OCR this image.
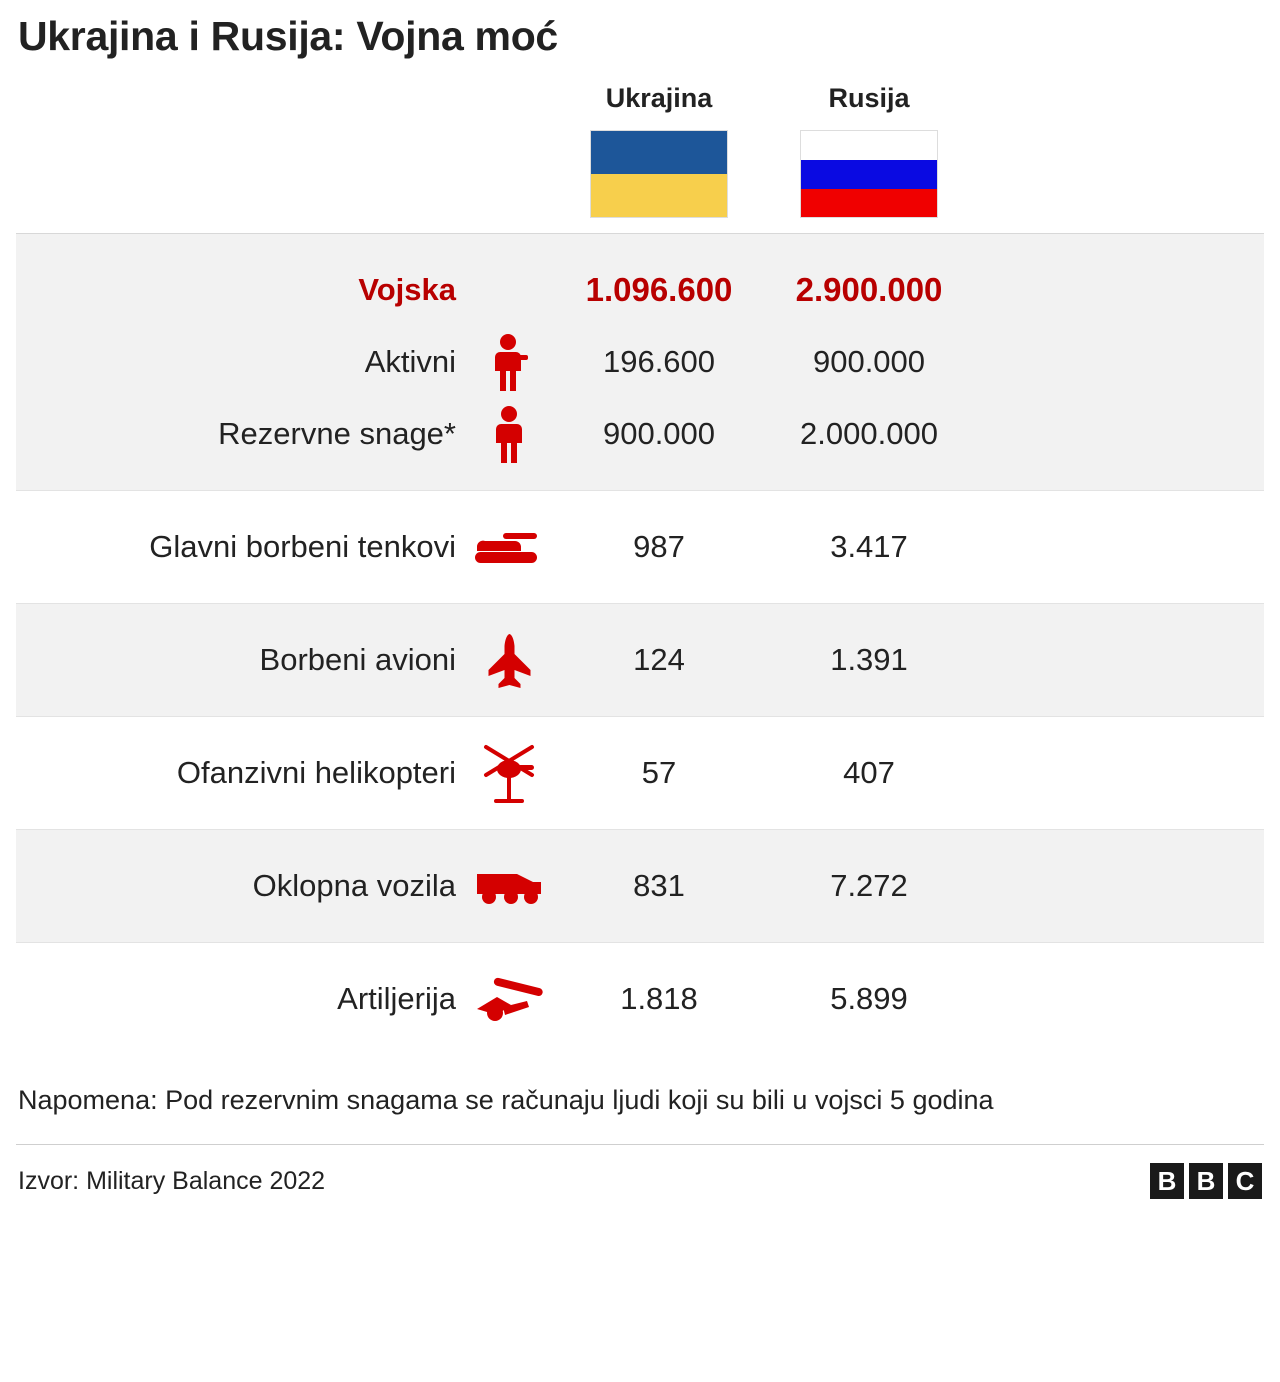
Ukrajina i Rusija: Vojna moć
Ukrajina	Rusija
Vojska	1.096.600	2.900.000
Aktivni	196.600	900.000
Rezervne snage*	900.000	2.000.000
Glavni borbeni tenkovi	987	3.417
Borbeni avioni	124	1.391
Ofanzivni helikopteri	57	407
Oklopna vozila	831	7.272
Artiljerija	1.818	5.899
Napomena: Pod rezervnim snagama se računaju ljudi koji su bili u vojsci 5 godina
Izvor: Military Balance 2022	B B C
